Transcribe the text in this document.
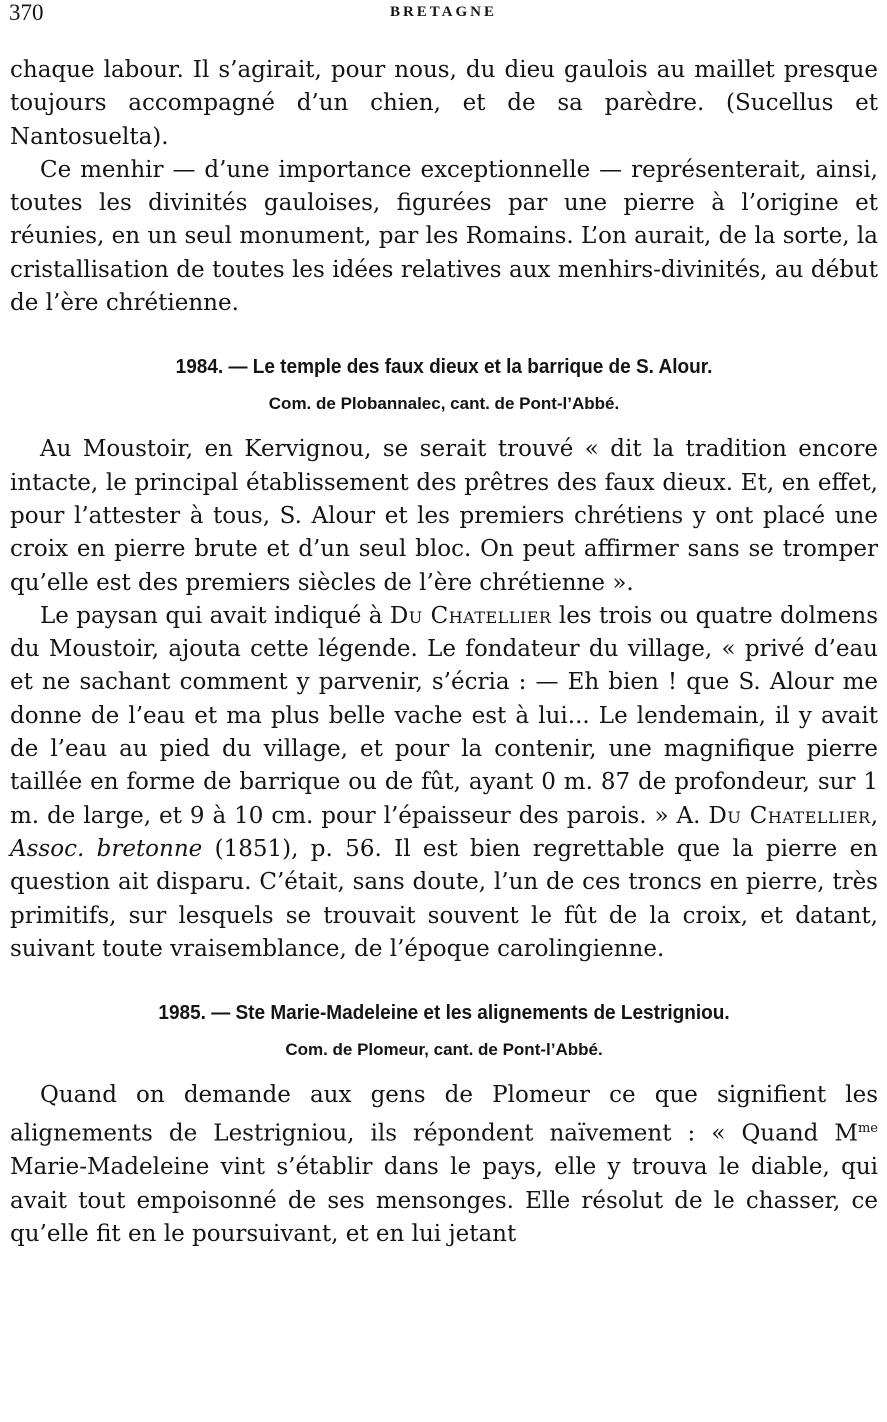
370	BRETAGNE

chaque labour. Il s’agirait, pour nous, du dieu gaulois au maillet presque toujours accompagné d’un chien, et de sa parèdre. (Sucellus et Nantosuelta).

Ce menhir — d’une importance exceptionnelle — représenterait, ainsi, toutes les divinités gauloises, figurées par une pierre à l’origine et réunies, en un seul monument, par les Romains. L’on aurait, de la sorte, la cristallisation de toutes les idées relatives aux menhirs-divinités, au début de l’ère chrétienne.

1984. — Le temple des faux dieux et la barrique de S. Alour.

Com. de Plobannalec, cant. de Pont-l’Abbé.

Au Moustoir, en Kervignou, se serait trouvé « dit la tradition encore intacte, le principal établissement des prêtres des faux dieux. Et, en effet, pour l’attester à tous, S. Alour et les premiers chrétiens y ont placé une croix en pierre brute et d’un seul bloc. On peut affirmer sans se tromper qu’elle est des premiers siècles de l’ère chrétienne ».

Le paysan qui avait indiqué à Du Chatellier les trois ou quatre dolmens du Moustoir, ajouta cette légende. Le fondateur du village, « privé d’eau et ne sachant comment y parvenir, s’écria : — Eh bien ! que S. Alour me donne de l’eau et ma plus belle vache est à lui... Le lendemain, il y avait de l’eau au pied du village, et pour la contenir, une magnifique pierre taillée en forme de barrique ou de fût, ayant 0 m. 87 de profondeur, sur 1 m. de large, et 9 à 10 cm. pour l’épaisseur des parois. » A. Du Chatellier, Assoc. bretonne (1851), p. 56. Il est bien regrettable que la pierre en question ait disparu. C’était, sans doute, l’un de ces troncs en pierre, très primitifs, sur lesquels se trouvait souvent le fût de la croix, et datant, suivant toute vraisemblance, de l’époque carolingienne.

1985. — Ste Marie-Madeleine et les alignements de Lestrigniou.

Com. de Plomeur, cant. de Pont-l’Abbé.

Quand on demande aux gens de Plomeur ce que signifient les alignements de Lestrigniou, ils répondent naïvement : « Quand $M^{me}$ Marie-Madeleine vint s’établir dans le pays, elle y trouva le diable, qui avait tout empoisonné de ses mensonges. Elle résolut de le chasser, ce qu’elle fit en le poursuivant, et en lui jetant
